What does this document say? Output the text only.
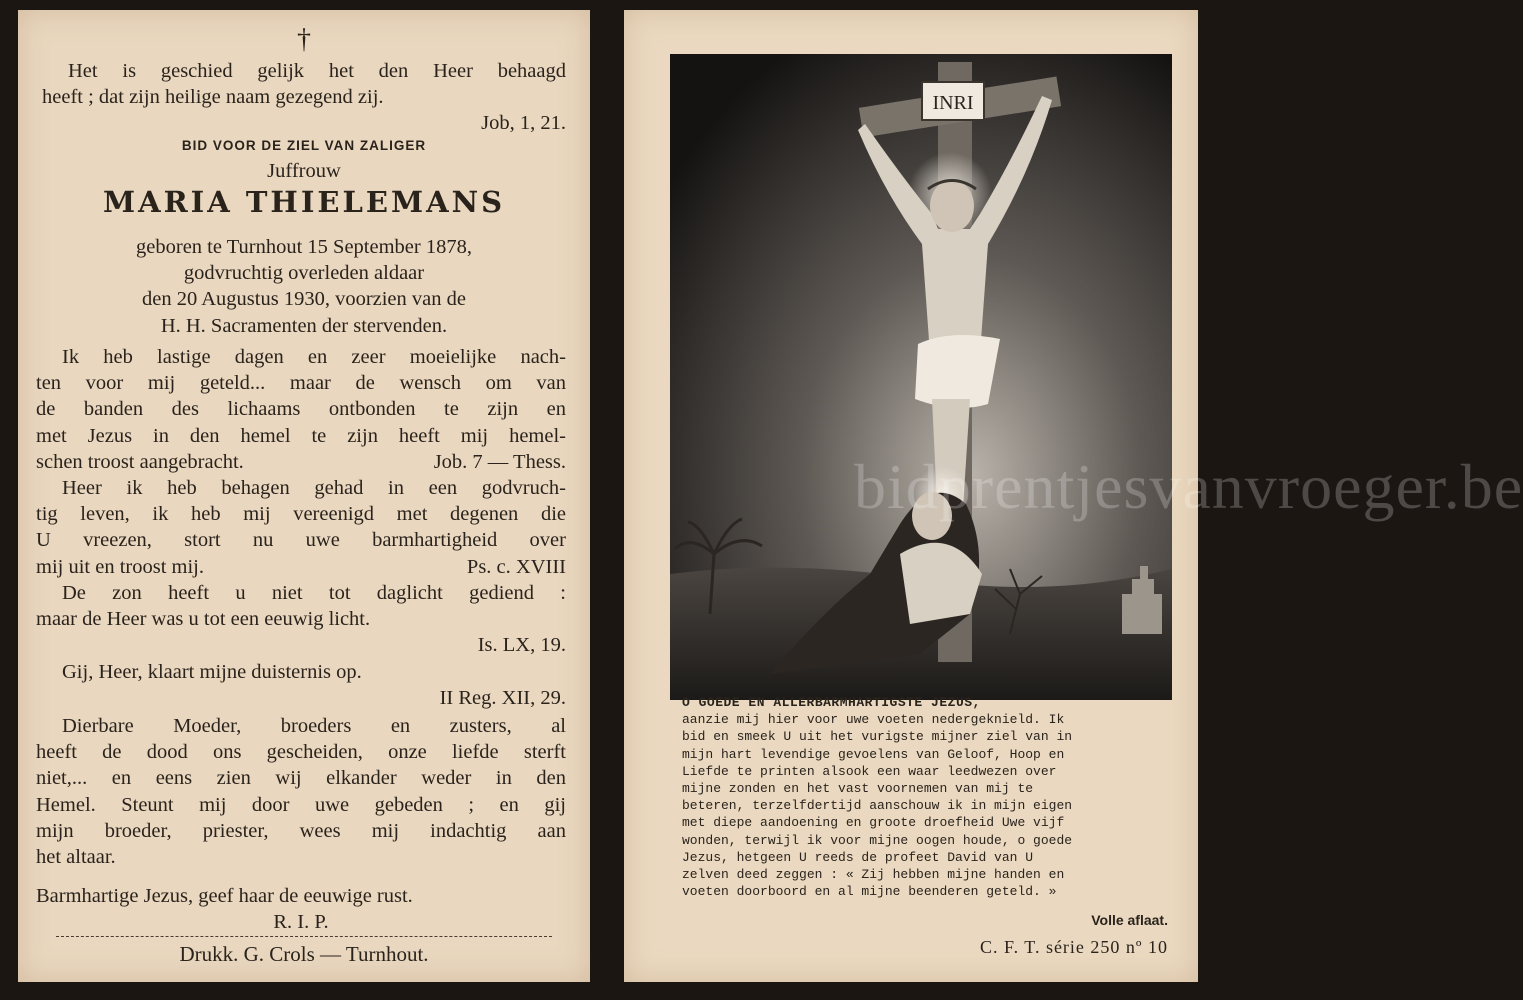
†
Het is geschied gelijk het den Heer behaagd
heeft ; dat zijn heilige naam gezegend zij.
Job, 1, 21.
BID VOOR DE ZIEL VAN ZALIGER
Juffrouw
MARIA THIELEMANS
geboren te Turnhout 15 September 1878,
godvruchtig overleden aldaar
den 20 Augustus 1930, voorzien van de
H. H. Sacramenten der stervenden.
Ik heb lastige dagen en zeer moeielijke nach-
ten voor mij geteld... maar de wensch om van
de banden des lichaams ontbonden te zijn en
met Jezus in den hemel te zijn heeft mij hemel-
schen troost aangebracht.	Job. 7 — Thess.
Heer ik heb behagen gehad in een godvruch-
tig leven, ik heb mij vereenigd met degenen die
U vreezen, stort nu uwe barmhartigheid over
mij uit en troost mij.	Ps. c. XVIII
De zon heeft u niet tot daglicht gediend :
maar de Heer was u tot een eeuwig licht.
Is. LX, 19.
Gij, Heer, klaart mijne duisternis op.
II Reg. XII, 29.
Dierbare Moeder, broeders en zusters, al
heeft de dood ons gescheiden, onze liefde sterft
niet,... en eens zien wij elkander weder in den
Hemel. Steunt mij door uwe gebeden ; en gij
mijn broeder, priester, wees mij indachtig aan
het altaar.
Barmhartige Jezus, geef haar de eeuwige rust.
R. I. P.
Drukk. G. Crols — Turnhout.
INRI
bidprentjesvanvroeger.be
O GOEDE EN ALLERBARMHARTIGSTE JEZUS,
aanzie mij hier voor uwe voeten nedergeknield. Ik
bid en smeek U uit het vurigste mijner ziel van in
mijn hart levendige gevoelens van Geloof, Hoop en
Liefde te printen alsook een waar leedwezen over
mijne zonden en het vast voornemen van mij te
beteren, terzelfdertijd aanschouw ik in mijn eigen
met diepe aandoening en groote droefheid Uwe vijf
wonden, terwijl ik voor mijne oogen houde, o goede
Jezus, hetgeen U reeds de profeet David van U
zelven deed zeggen : « Zij hebben mijne handen en
voeten doorboord en al mijne beenderen geteld. »
Volle aflaat.
C. F. T. série 250 nº 10
